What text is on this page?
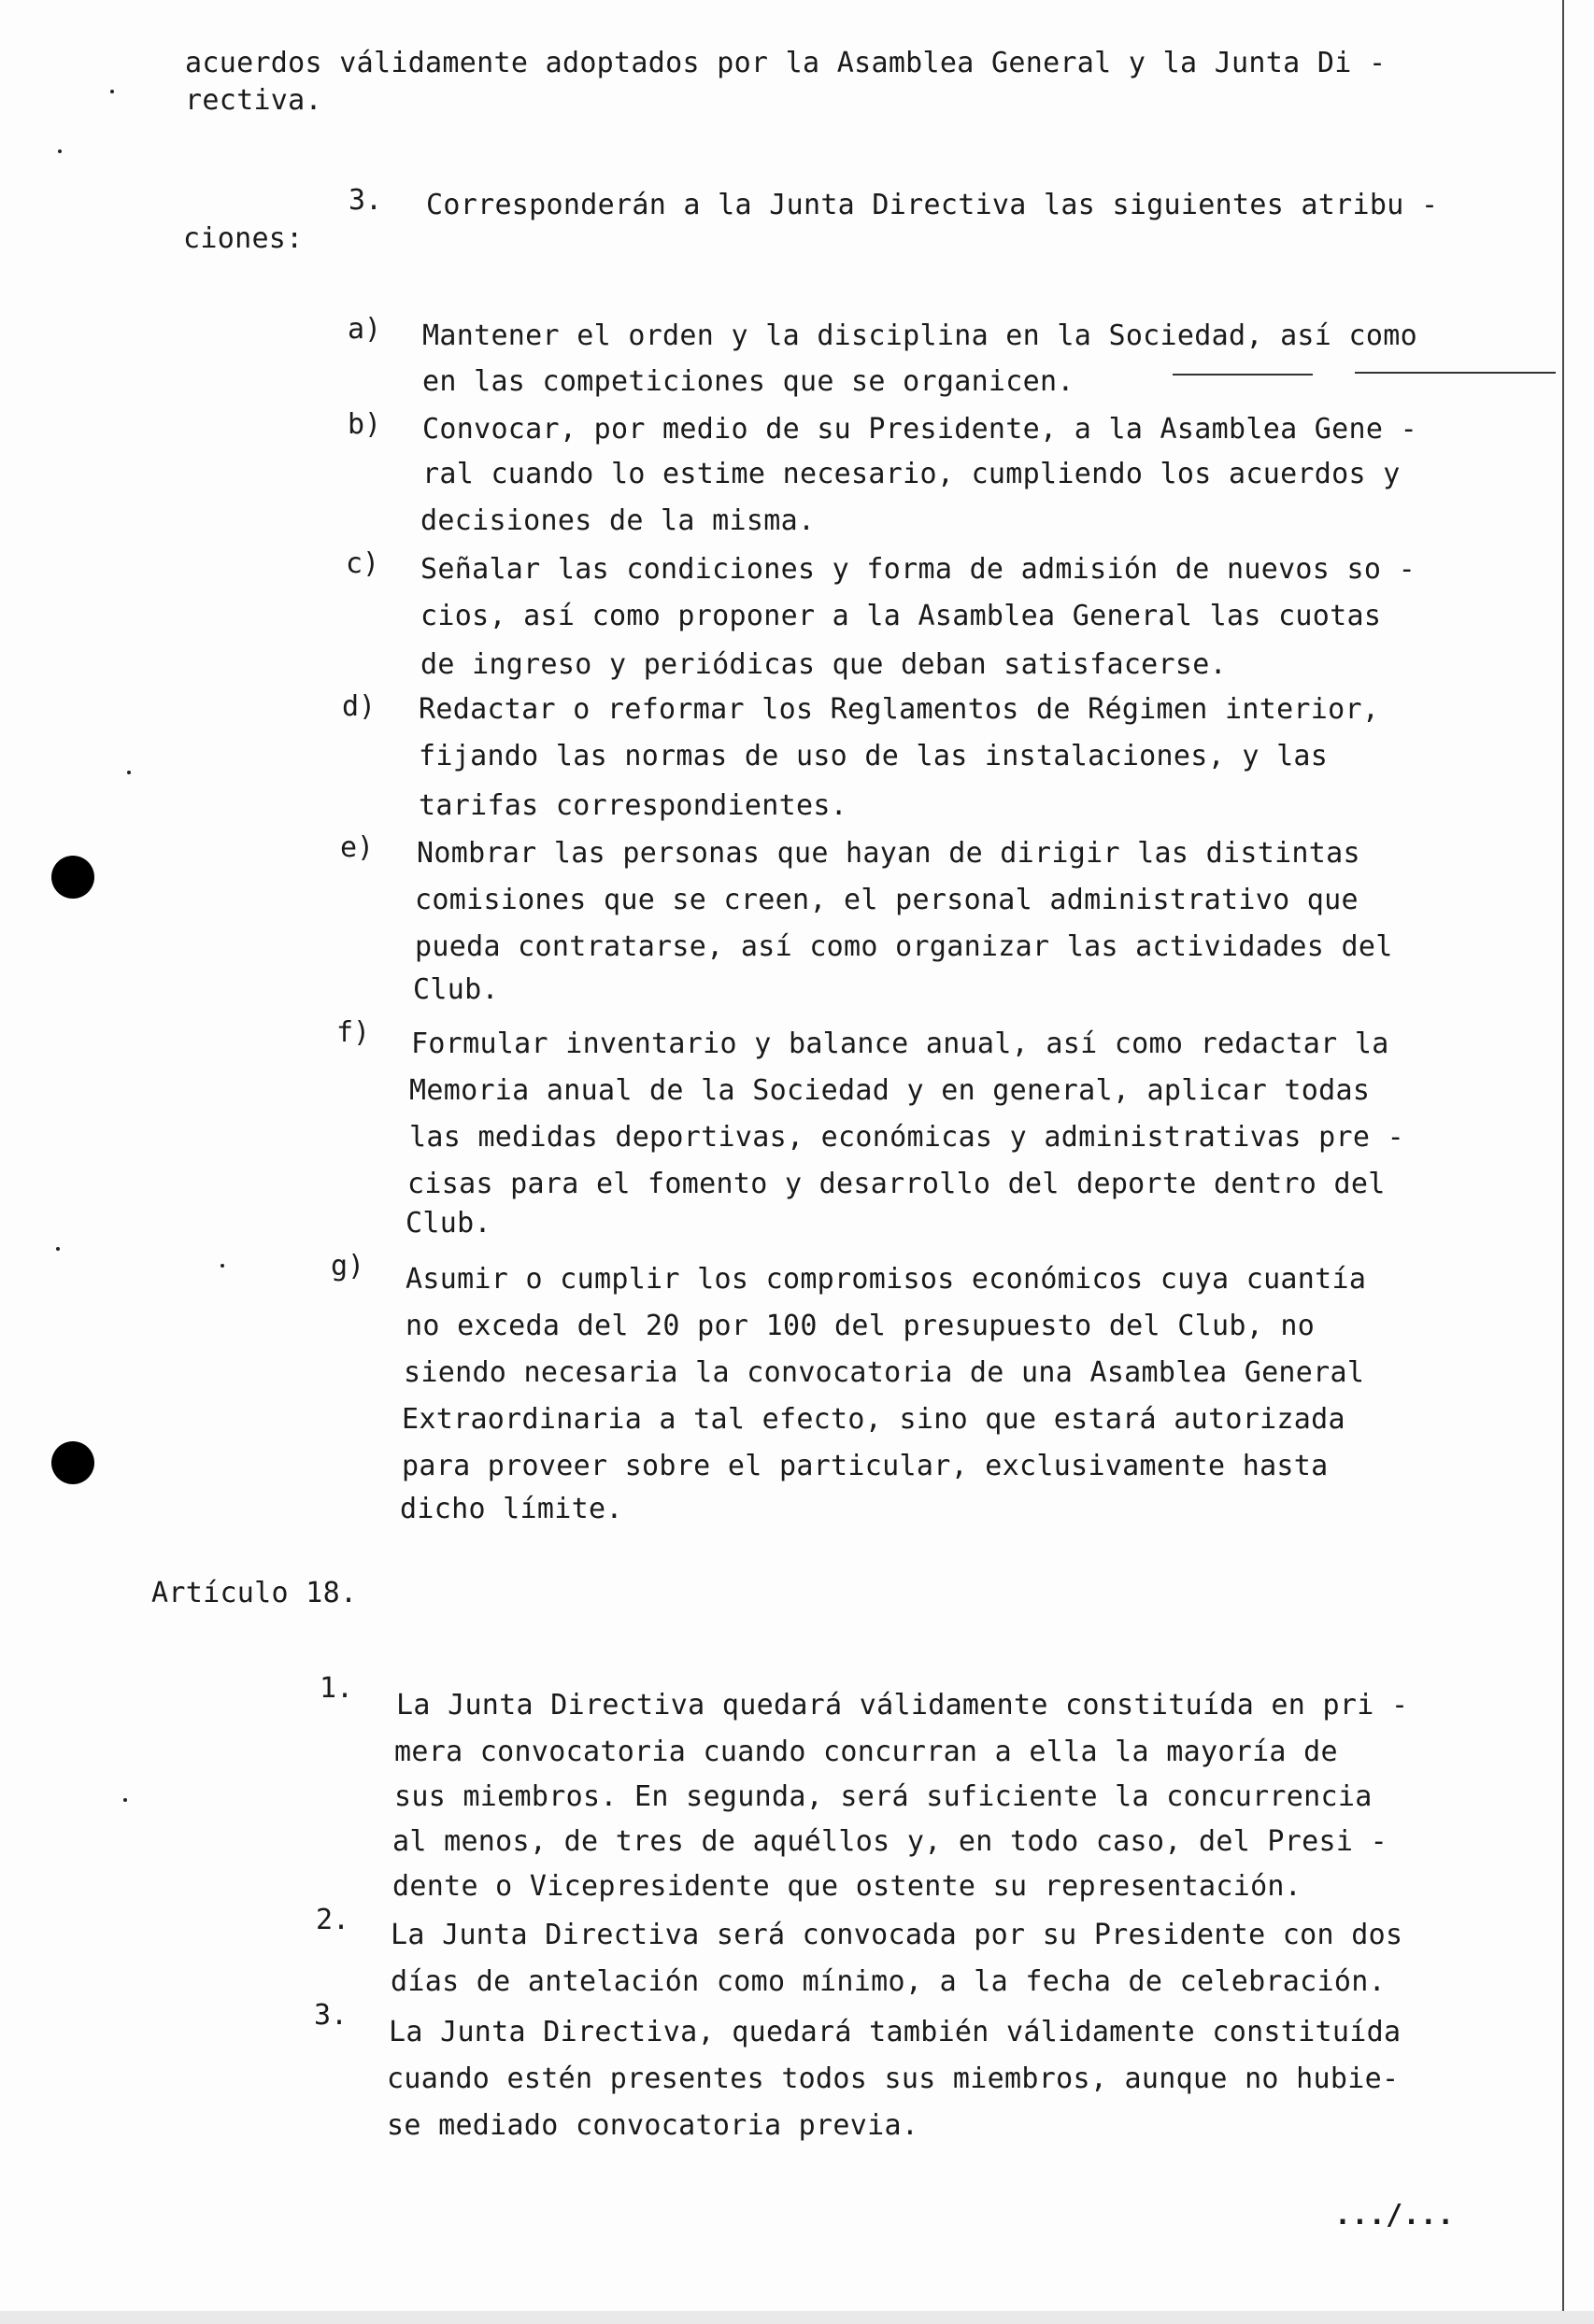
acuerdos válidamente adoptados por la Asamblea General y la Junta Di -
rectiva.
3. Corresponderán a la Junta Directiva las siguientes atribu -
ciones:
a) Mantener el orden y la disciplina en la Sociedad, así como
en las competiciones que se organicen.
b) Convocar, por medio de su Presidente, a la Asamblea Gene -
ral cuando lo estime necesario, cumpliendo los acuerdos y
decisiones de la misma.
c) Señalar las condiciones y forma de admisión de nuevos so -
cios, así como proponer a la Asamblea General las cuotas
de ingreso y periódicas que deban satisfacerse.
d) Redactar o reformar los Reglamentos de Régimen interior,
fijando las normas de uso de las instalaciones, y las
tarifas correspondientes.
e) Nombrar las personas que hayan de dirigir las distintas
comisiones que se creen, el personal administrativo que
pueda contratarse, así como organizar las actividades del
Club.
f) Formular inventario y balance anual, así como redactar la
Memoria anual de la Sociedad y en general, aplicar todas
las medidas deportivas, económicas y administrativas pre -
cisas para el fomento y desarrollo del deporte dentro del
Club.
g) Asumir o cumplir los compromisos económicos cuya cuantía
no exceda del 20 por 100 del presupuesto del Club, no
siendo necesaria la convocatoria de una Asamblea General
Extraordinaria a tal efecto, sino que estará autorizada
para proveer sobre el particular, exclusivamente hasta
dicho límite.
Artículo 18.
1.
La Junta Directiva quedará válidamente constituída en pri -
mera convocatoria cuando concurran a ella la mayoría de
sus miembros. En segunda, será suficiente la concurrencia
al menos, de tres de aquéllos y, en todo caso, del Presi -
dente o Vicepresidente que ostente su representación.
2. La Junta Directiva será convocada por su Presidente con dos
días de antelación como mínimo, a la fecha de celebración.
3.
La Junta Directiva, quedará también válidamente constituída
cuando estén presentes todos sus miembros, aunque no hubie-
se mediado convocatoria previa.
.../...
